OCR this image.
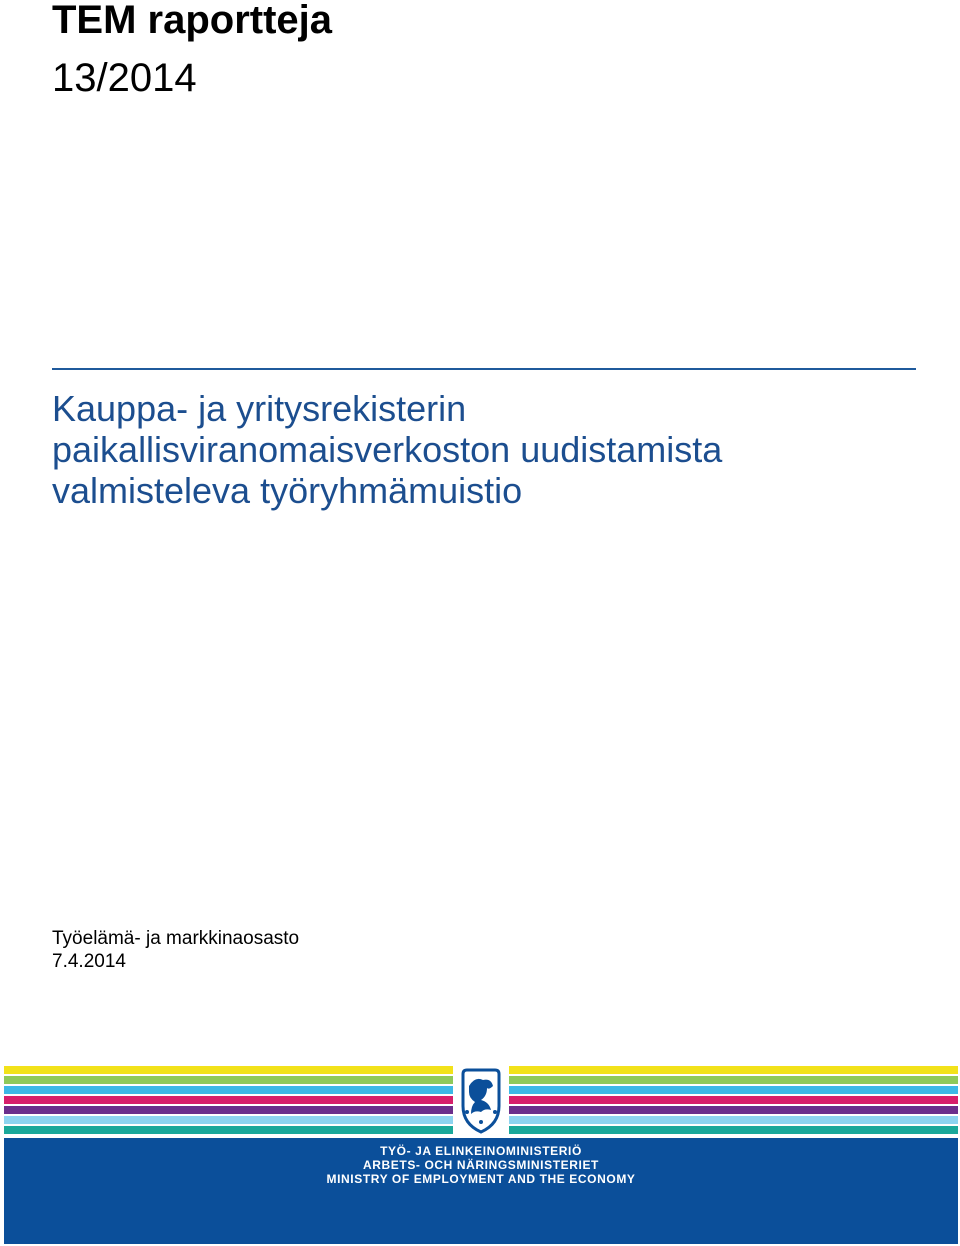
TEM raportteja
13/2014
Kauppa- ja yritysrekisterin
paikallisviranomaisverkoston uudistamista
valmisteleva työryhmämuistio
Työelämä- ja markkinaosasto
7.4.2014
TYÖ- JA ELINKEINOMINISTERIÖ
ARBETS- OCH NÄRINGSMINISTERIET
MINISTRY OF EMPLOYMENT AND THE ECONOMY
